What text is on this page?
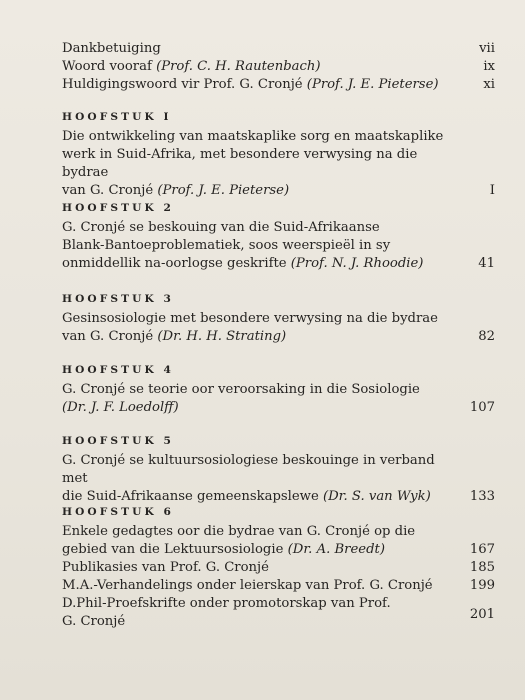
Dankbetuiging	vii
Woord vooraf (Prof. C. H. Rautenbach)	ix
Huldigingswoord vir Prof. G. Cronjé (Prof. J. E. Pieterse)	xi
HOOFSTUK I
Die ontwikkeling van maatskaplike sorg en maatskaplike
werk in Suid-Afrika, met besondere verwysing na die bydrae
van G. Cronjé (Prof. J. E. Pieterse)	I
HOOFSTUK 2
G. Cronjé se beskouing van die Suid-Afrikaanse
Blank-Bantoeproblematiek, soos weerspieël in sy
onmiddellik na-oorlogse geskrifte (Prof. N. J. Rhoodie)	41
HOOFSTUK 3
Gesinsosiologie met besondere verwysing na die bydrae
van G. Cronjé (Dr. H. H. Strating)	82
HOOFSTUK 4
G. Cronjé se teorie oor veroorsaking in die Sosiologie
(Dr. J. F. Loedolff)	107
HOOFSTUK 5
G. Cronjé se kultuursosiologiese beskouinge in verband met
die Suid-Afrikaanse gemeenskapslewe (Dr. S. van Wyk)	133
HOOFSTUK 6
Enkele gedagtes oor die bydrae van G. Cronjé op die
gebied van die Lektuursosiologie (Dr. A. Breedt)	167
Publikasies van Prof. G. Cronjé	185
M.A.-Verhandelings onder leierskap van Prof. G. Cronjé	199
D.Phil-Proefskrifte onder promotorskap van Prof.
G. Cronjé	201
